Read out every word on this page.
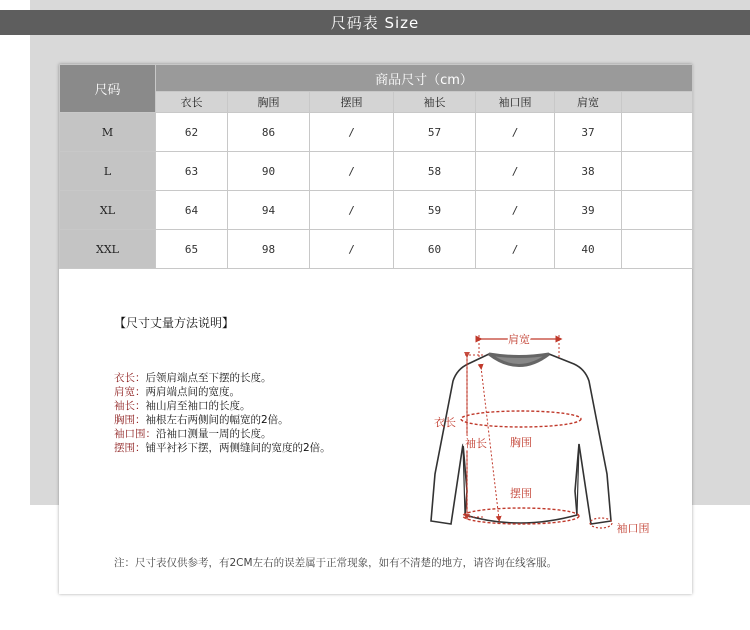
尺码表 Size
尺码	商品尺寸（cm）						
	衣长	胸围	摆围	袖长	袖口围	肩宽	
M	62	86	/	57	/	37	
L	63	90	/	58	/	38	
XL	64	94	/	59	/	39	
XXL	65	98	/	60	/	40	
【尺寸丈量方法说明】
衣长：后领肩端点至下摆的长度。
肩宽：两肩端点间的宽度。
袖长：袖山肩至袖口的长度。
胸围：袖根左右两侧间的幅宽的2倍。
袖口围：沿袖口测量一周的长度。
摆围：铺平衬衫下摆，两侧缝间的宽度的2倍。
肩宽
衣长
袖长 胸围
摆围
袖口围
注：尺寸表仅供参考，有2CM左右的误差属于正常现象，如有不清楚的地方，请咨询在线客服。
